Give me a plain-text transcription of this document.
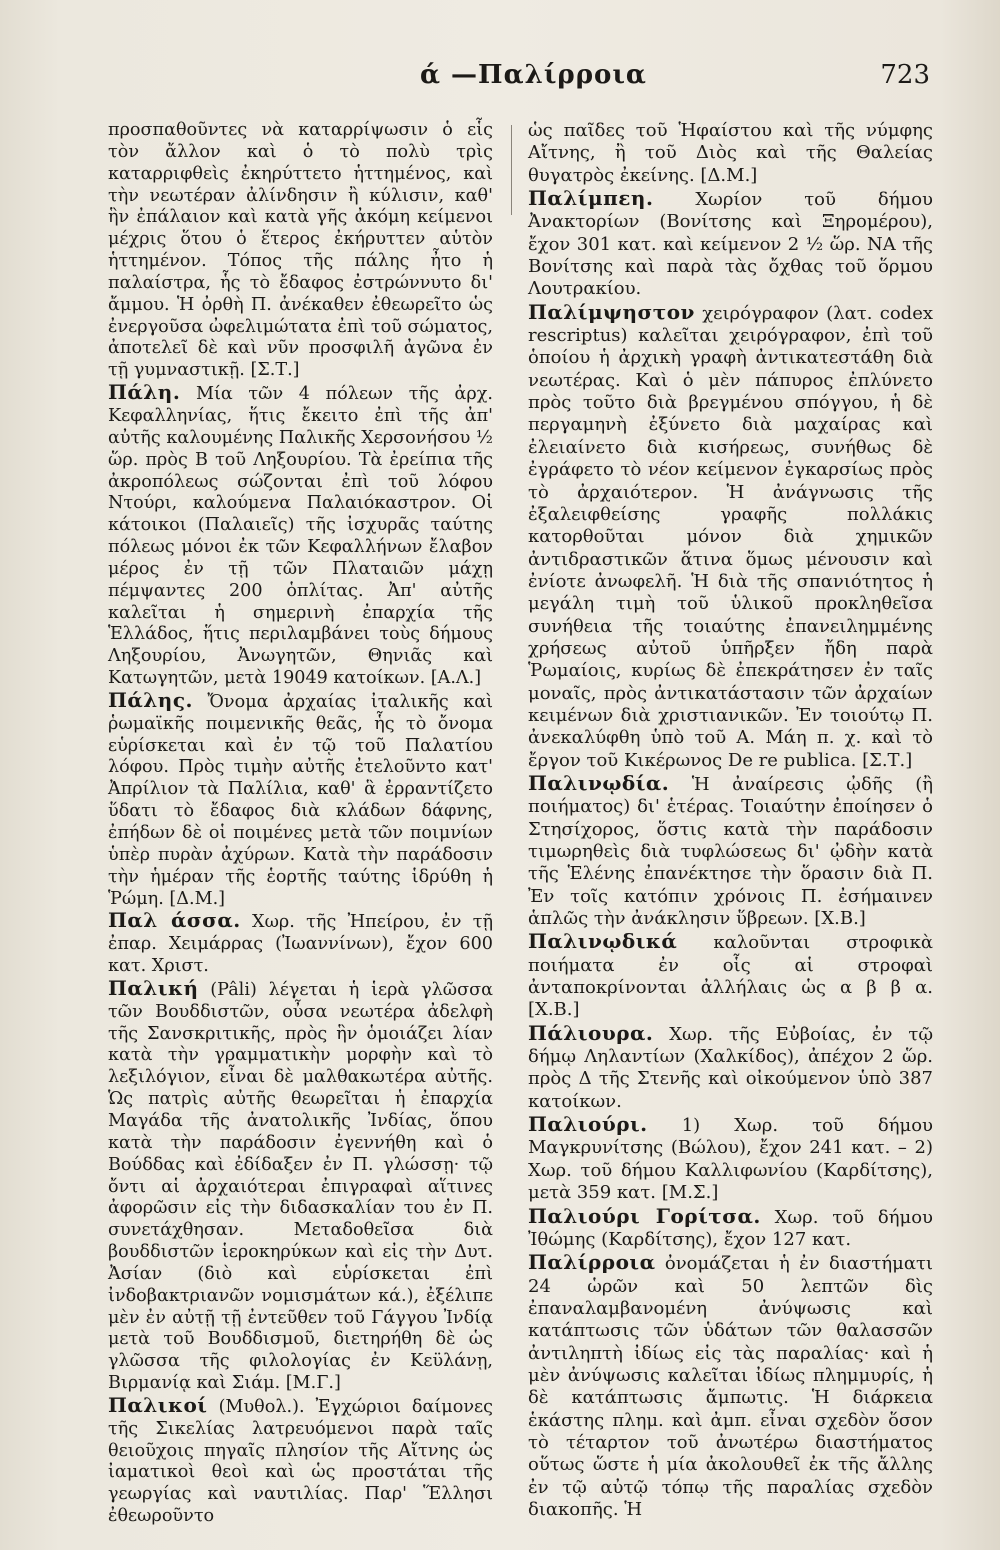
ά —Παλίρροια	723

προσπαθοῦντες νὰ καταρρίψωσιν ὁ εἷς τὸν ἄλλον καὶ ὁ τὸ πολὺ τρὶς καταρριφθεὶς ἐκηρύττετο ἡττημένος, καὶ τὴν νεωτέραν ἀλίνδησιν ἢ κύλισιν, καθ' ἣν ἐπάλαιον καὶ κατὰ γῆς ἀκόμη κείμενοι μέχρις ὅτου ὁ ἕτερος ἐκήρυττεν αὑτὸν ἡττημένον. Τόπος τῆς πάλης ἦτο ἡ παλαίστρα, ἧς τὸ ἔδαφος ἐστρώννυτο δι' ἄμμου. Ἡ ὀρθὴ Π. ἀνέκαθεν ἐθεωρεῖτο ὡς ἐνεργοῦσα ὠφελιμώτατα ἐπὶ τοῦ σώματος, ἀποτελεῖ δὲ καὶ νῦν προσφιλῆ ἀγῶνα ἐν τῇ γυμναστικῇ. [Σ.Τ.]

Πάλη. Μία τῶν 4 πόλεων τῆς ἀρχ. Κεφαλληνίας, ἥτις ἔκειτο ἐπὶ τῆς ἀπ' αὐτῆς καλουμένης Παλικῆς Χερσονήσου ½ ὥρ. πρὸς Β τοῦ Ληξουρίου. Τὰ ἐρείπια τῆς ἀκροπόλεως σώζονται ἐπὶ τοῦ λόφου Ντούρι, καλούμενα Παλαιόκαστρον. Οἱ κάτοικοι (Παλαιεῖς) τῆς ἰσχυρᾶς ταύτης πόλεως μόνοι ἐκ τῶν Κεφαλλήνων ἔλαβον μέρος ἐν τῇ τῶν Πλαταιῶν μάχῃ πέμψαντες 200 ὁπλίτας. Ἀπ' αὐτῆς καλεῖται ἡ σημερινὴ ἐπαρχία τῆς Ἑλλάδος, ἥτις περιλαμβάνει τοὺς δήμους Ληξουρίου, Ἀνωγητῶν, Θηνιᾶς καὶ Κατωγητῶν, μετὰ 19049 κατοίκων. [Α.Λ.]

Πάλης. Ὄνομα ἀρχαίας ἰταλικῆς καὶ ῥωμαϊκῆς ποιμενικῆς θεᾶς, ἧς τὸ ὄνομα εὑρίσκεται καὶ ἐν τῷ τοῦ Παλατίου λόφου. Πρὸς τιμὴν αὐτῆς ἐτελοῦντο κατ' Ἀπρίλιον τὰ Παλίλια, καθ' ἃ ἐρραντίζετο ὕδατι τὸ ἔδαφος διὰ κλάδων δάφνης, ἐπήδων δὲ οἱ ποιμένες μετὰ τῶν ποιμνίων ὑπὲρ πυρὰν ἀχύρων. Κατὰ τὴν παράδοσιν τὴν ἡμέραν τῆς ἑορτῆς ταύτης ἱδρύθη ἡ Ῥώμη. [Δ.Μ.]

Παλ άσσα. Χωρ. τῆς Ἠπείρου, ἐν τῇ ἐπαρ. Χειμάρρας (Ἰωαννίνων), ἔχον 600 κατ. Χριστ.

Παλική (Pâli) λέγεται ἡ ἱερὰ γλῶσσα τῶν Βουδδιστῶν, οὖσα νεωτέρα ἀδελφὴ τῆς Σανσκριτικῆς, πρὸς ἣν ὁμοιάζει λίαν κατὰ τὴν γραμματικὴν μορφὴν καὶ τὸ λεξιλόγιον, εἶναι δὲ μαλθακωτέρα αὐτῆς. Ὡς πατρὶς αὐτῆς θεωρεῖται ἡ ἐπαρχία Μαγάδα τῆς ἀνατολικῆς Ἰνδίας, ὅπου κατὰ τὴν παράδοσιν ἐγεννήθη καὶ ὁ Βούδδας καὶ ἐδίδαξεν ἐν Π. γλώσσῃ· τῷ ὄντι αἱ ἀρχαιότεραι ἐπιγραφαὶ αἵτινες ἀφορῶσιν εἰς τὴν διδασκαλίαν του ἐν Π. συνετάχθησαν. Μεταδοθεῖσα διὰ βουδδιστῶν ἱεροκηρύκων καὶ εἰς τὴν Δυτ. Ἀσίαν (διὸ καὶ εὑρίσκεται ἐπὶ ἰνδοβακτριανῶν νομισμάτων κά.), ἐξέλιπε μὲν ἐν αὐτῇ τῇ ἐντεῦθεν τοῦ Γάγγου Ἰνδίᾳ μετὰ τοῦ Βουδδισμοῦ, διετηρήθη δὲ ὡς γλῶσσα τῆς φιλολογίας ἐν Κεϋλάνῃ, Βιρμανίᾳ καὶ Σιάμ. [Μ.Γ.]

Παλικοί (Μυθολ.). Ἐγχώριοι δαίμονες τῆς Σικελίας λατρευόμενοι παρὰ ταῖς θειοῦχοις πηγαῖς πλησίον τῆς Αἴτνης ὡς ἰαματικοὶ θεοὶ καὶ ὡς προστάται τῆς γεωργίας καὶ ναυτιλίας. Παρ' Ἕλλησι ἐθεωροῦντο

ὡς παῖδες τοῦ Ἡφαίστου καὶ τῆς νύμφης Αἴτνης, ἢ τοῦ Διὸς καὶ τῆς Θαλείας θυγατρὸς ἐκείνης. [Δ.Μ.]

Παλίμπεη. Χωρίον τοῦ δήμου Ἀνακτορίων (Βονίτσης καὶ Ξηρομέρου), ἔχον 301 κατ. καὶ κείμενον 2 ½ ὥρ. ΝΑ τῆς Βονίτσης καὶ παρὰ τὰς ὄχθας τοῦ ὅρμου Λουτρακίου.

Παλίμψηστον χειρόγραφον (λατ. codex rescriptus) καλεῖται χειρόγραφον, ἐπὶ τοῦ ὁποίου ἡ ἀρχικὴ γραφὴ ἀντικατεστάθη διὰ νεωτέρας. Καὶ ὁ μὲν πάπυρος ἐπλύνετο πρὸς τοῦτο διὰ βρεγμένου σπόγγου, ἡ δὲ περγαμηνὴ ἐξύνετο διὰ μαχαίρας καὶ ἐλειαίνετο διὰ κισήρεως, συνήθως δὲ ἐγράφετο τὸ νέον κείμενον ἐγκαρσίως πρὸς τὸ ἀρχαιότερον. Ἡ ἀνάγνωσις τῆς ἐξαλειφθείσης γραφῆς πολλάκις κατορθοῦται μόνον διὰ χημικῶν ἀντιδραστικῶν ἅτινα ὅμως μένουσιν καὶ ἐνίοτε ἀνωφελῆ. Ἡ διὰ τῆς σπανιότητος ἡ μεγάλη τιμὴ τοῦ ὑλικοῦ προκληθεῖσα συνήθεια τῆς τοιαύτης ἐπανειλημμένης χρήσεως αὐτοῦ ὑπῆρξεν ἤδη παρὰ Ῥωμαίοις, κυρίως δὲ ἐπεκράτησεν ἐν ταῖς μοναῖς, πρὸς ἀντικατάστασιν τῶν ἀρχαίων κειμένων διὰ χριστιανικῶν. Ἐν τοιούτῳ Π. ἀνεκαλύφθη ὑπὸ τοῦ Α. Μάη π. χ. καὶ τὸ ἔργον τοῦ Κικέρωνος De re publica. [Σ.Τ.]

Παλινῳδία. Ἡ ἀναίρεσις ᾠδῆς (ἢ ποιήματος) δι' ἑτέρας. Τοιαύτην ἐποίησεν ὁ Στησίχορος, ὅστις κατὰ τὴν παράδοσιν τιμωρηθεὶς διὰ τυφλώσεως δι' ᾠδὴν κατὰ τῆς Ἑλένης ἐπανέκτησε τὴν ὅρασιν διὰ Π. Ἐν τοῖς κατόπιν χρόνοις Π. ἐσήμαινεν ἁπλῶς τὴν ἀνάκλησιν ὕβρεων. [Χ.Β.]

Παλινῳδικά καλοῦνται στροφικὰ ποιήματα ἐν οἷς αἱ στροφαὶ ἀνταποκρίνονται ἀλλήλαις ὡς α β β α. [Χ.Β.]

Πάλιουρα. Χωρ. τῆς Εὐβοίας, ἐν τῷ δήμῳ Ληλαντίων (Χαλκίδος), ἀπέχον 2 ὥρ. πρὸς Δ τῆς Στενῆς καὶ οἰκούμενον ὑπὸ 387 κατοίκων.

Παλιούρι. 1) Χωρ. τοῦ δήμου Μαγκρυνίτσης (Βώλου), ἔχον 241 κατ. – 2) Χωρ. τοῦ δήμου Καλλιφωνίου (Καρδίτσης), μετὰ 359 κατ. [Μ.Σ.]

Παλιούρι Γορίτσα. Χωρ. τοῦ δήμου Ἰθώμης (Καρδίτσης), ἔχον 127 κατ.

Παλίρροια ὀνομάζεται ἡ ἐν διαστήματι 24 ὡρῶν καὶ 50 λεπτῶν δὶς ἐπαναλαμβανομένη ἀνύψωσις καὶ κατάπτωσις τῶν ὑδάτων τῶν θαλασσῶν ἀντιληπτὴ ἰδίως εἰς τὰς παραλίας· καὶ ἡ μὲν ἀνύψωσις καλεῖται ἰδίως πλημμυρίς, ἡ δὲ κατάπτωσις ἄμπωτις. Ἡ διάρκεια ἑκάστης πλημ. καὶ ἀμπ. εἶναι σχεδὸν ὅσον τὸ τέταρτον τοῦ ἀνωτέρω διαστήματος οὕτως ὥστε ἡ μία ἀκολουθεῖ ἐκ τῆς ἄλλης ἐν τῷ αὐτῷ τόπῳ τῆς παραλίας σχεδὸν διακοπῆς. Ἡ
